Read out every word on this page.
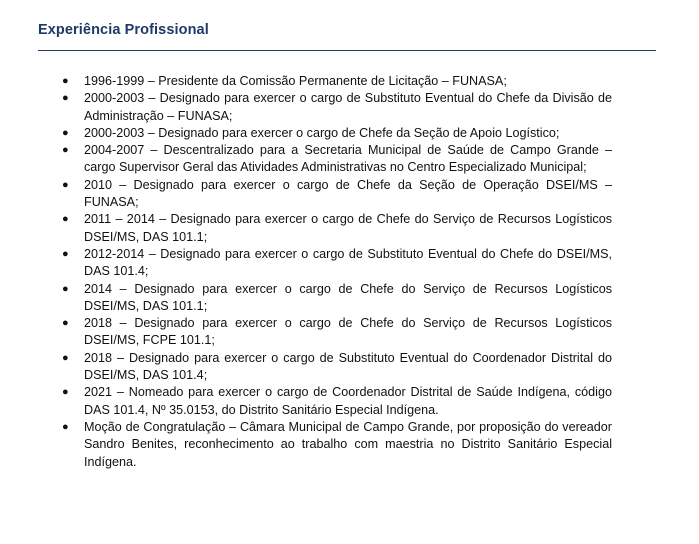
Experiência Profissional
● 1996-1999 – Presidente da Comissão Permanente de Licitação – FUNASA;
● 2000-2003 – Designado para exercer o cargo de Substituto Eventual do Chefe da Divisão de Administração – FUNASA;
● 2000-2003 – Designado para exercer o cargo de Chefe da Seção de Apoio Logístico;
● 2004-2007 – Descentralizado para a Secretaria Municipal de Saúde de Campo Grande – cargo Supervisor Geral das Atividades Administrativas no Centro Especializado Municipal;
● 2010 – Designado para exercer o cargo de Chefe da Seção de Operação DSEI/MS – FUNASA;
● 2011 – 2014 – Designado para exercer o cargo de Chefe do Serviço de Recursos Logísticos DSEI/MS, DAS 101.1;
● 2012-2014 – Designado para exercer o cargo de Substituto Eventual do Chefe do DSEI/MS, DAS 101.4;
● 2014 – Designado para exercer o cargo de Chefe do Serviço de Recursos Logísticos DSEI/MS, DAS 101.1;
● 2018 – Designado para exercer o cargo de Chefe do Serviço de Recursos Logísticos DSEI/MS, FCPE 101.1;
● 2018 – Designado para exercer o cargo de Substituto Eventual do Coordenador Distrital do DSEI/MS, DAS 101.4;
● 2021 – Nomeado para exercer o cargo de Coordenador Distrital de Saúde Indígena, código DAS 101.4, Nº 35.0153, do Distrito Sanitário Especial Indígena.
● Moção de Congratulação – Câmara Municipal de Campo Grande, por proposição do vereador Sandro Benites, reconhecimento ao trabalho com maestria no Distrito Sanitário Especial Indígena.
